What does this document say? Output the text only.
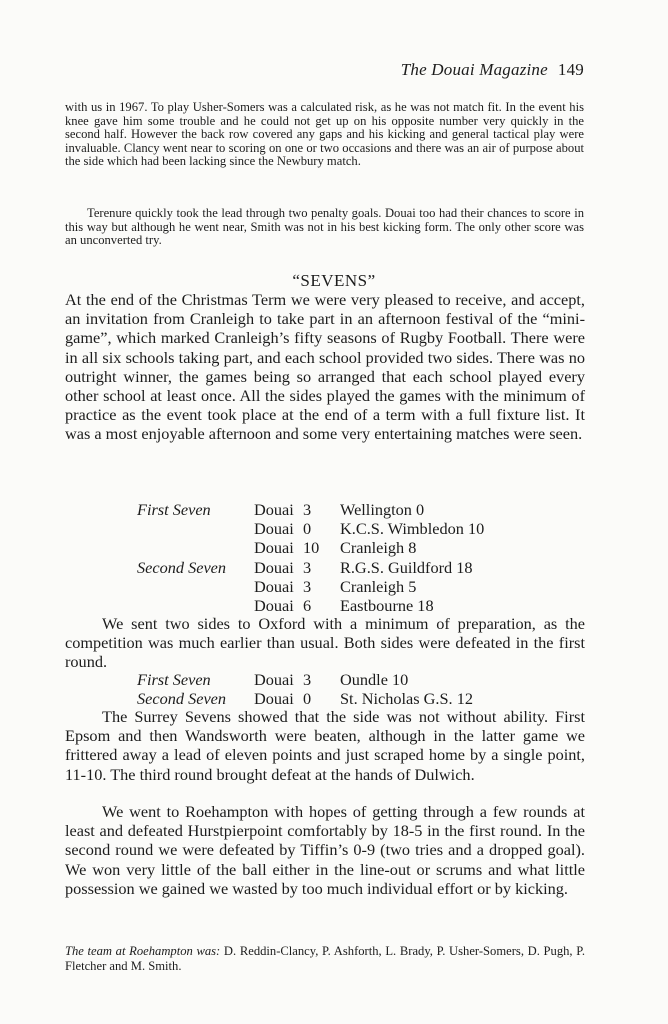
The Douai Magazine 149

with us in 1967. To play Usher-Somers was a calculated risk, as he was not match fit. In the event his knee gave him some trouble and he could not get up on his opposite number very quickly in the second half. However the back row covered any gaps and his kicking and general tactical play were invaluable. Clancy went near to scoring on one or two occasions and there was an air of purpose about the side which had been lacking since the Newbury match.

Terenure quickly took the lead through two penalty goals. Douai too had their chances to score in this way but although he went near, Smith was not in his best kicking form. The only other score was an unconverted try.

“SEVENS”

At the end of the Christmas Term we were very pleased to receive, and accept, an invitation from Cranleigh to take part in an afternoon festival of the “mini-game”, which marked Cranleigh’s fifty seasons of Rugby Football. There were in all six schools taking part, and each school provided two sides. There was no outright winner, the games being so arranged that each school played every other school at least once. All the sides played the games with the minimum of practice as the event took place at the end of a term with a full fixture list. It was a most enjoyable afternoon and some very entertaining matches were seen.

First Seven	Douai	3	Wellington 0
	Douai	0	K.C.S. Wimbledon 10
	Douai	10	Cranleigh 8
Second Seven	Douai	3	R.G.S. Guildford 18
	Douai	3	Cranleigh 5
	Douai	6	Eastbourne 18

We sent two sides to Oxford with a minimum of preparation, as the competition was much earlier than usual. Both sides were defeated in the first round.

First Seven	Douai	3	Oundle 10
Second Seven	Douai	0	St. Nicholas G.S. 12

The Surrey Sevens showed that the side was not without ability. First Epsom and then Wandsworth were beaten, although in the latter game we frittered away a lead of eleven points and just scraped home by a single point, 11-10. The third round brought defeat at the hands of Dulwich.

We went to Roehampton with hopes of getting through a few rounds at least and defeated Hurstpierpoint comfortably by 18-5 in the first round. In the second round we were defeated by Tiffin’s 0-9 (two tries and a dropped goal). We won very little of the ball either in the line-out or scrums and what little possession we gained we wasted by too much individual effort or by kicking.

The team at Roehampton was: D. Reddin-Clancy, P. Ashforth, L. Brady, P. Usher-Somers, D. Pugh, P. Fletcher and M. Smith.
